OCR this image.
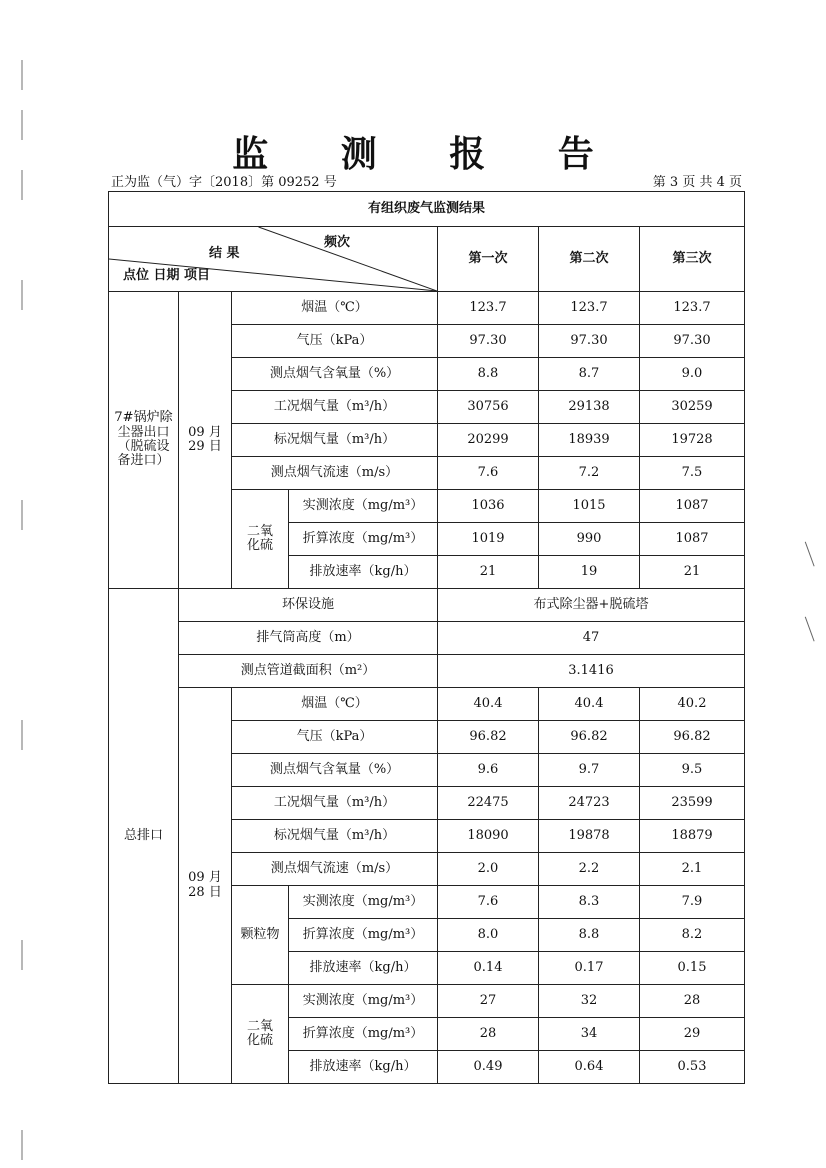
监 测 报 告
正为监（气）字〔2018〕第 09252 号	第 3 页 共 4 页
有组织废气监测结果						

频次
结 果
点位 日期 项目				第一次	第二次	第三次
7#锅炉除尘器出口（脱硫设备进口）	09 月 29 日	烟温（℃）		123.7	123.7	123.7
		气压（kPa）		97.30	97.30	97.30
		测点烟气含氧量（%）		8.8	8.7	9.0
		工况烟气量（m³/h）		30756	29138	30259
		标况烟气量（m³/h）		20299	18939	19728
		测点烟气流速（m/s）		7.6	7.2	7.5
		二氧化硫	实测浓度（mg/m³）	1036	1015	1087
			折算浓度（mg/m³）	1019	990	1087
			排放速率（kg/h）	21	19	21
总排口	环保设施			布式除尘器+脱硫塔		
	排气筒高度（m）			47		
	测点管道截面积（m²）			3.1416		
	09 月 28 日	烟温（℃）		40.4	40.4	40.2
		气压（kPa）		96.82	96.82	96.82
		测点烟气含氧量（%）		9.6	9.7	9.5
		工况烟气量（m³/h）		22475	24723	23599
		标况烟气量（m³/h）		18090	19878	18879
		测点烟气流速（m/s）		2.0	2.2	2.1
		颗粒物	实测浓度（mg/m³）	7.6	8.3	7.9
			折算浓度（mg/m³）	8.0	8.8	8.2
			排放速率（kg/h）	0.14	0.17	0.15
		二氧化硫	实测浓度（mg/m³）	27	32	28
			折算浓度（mg/m³）	28	34	29
			排放速率（kg/h）	0.49	0.64	0.53
